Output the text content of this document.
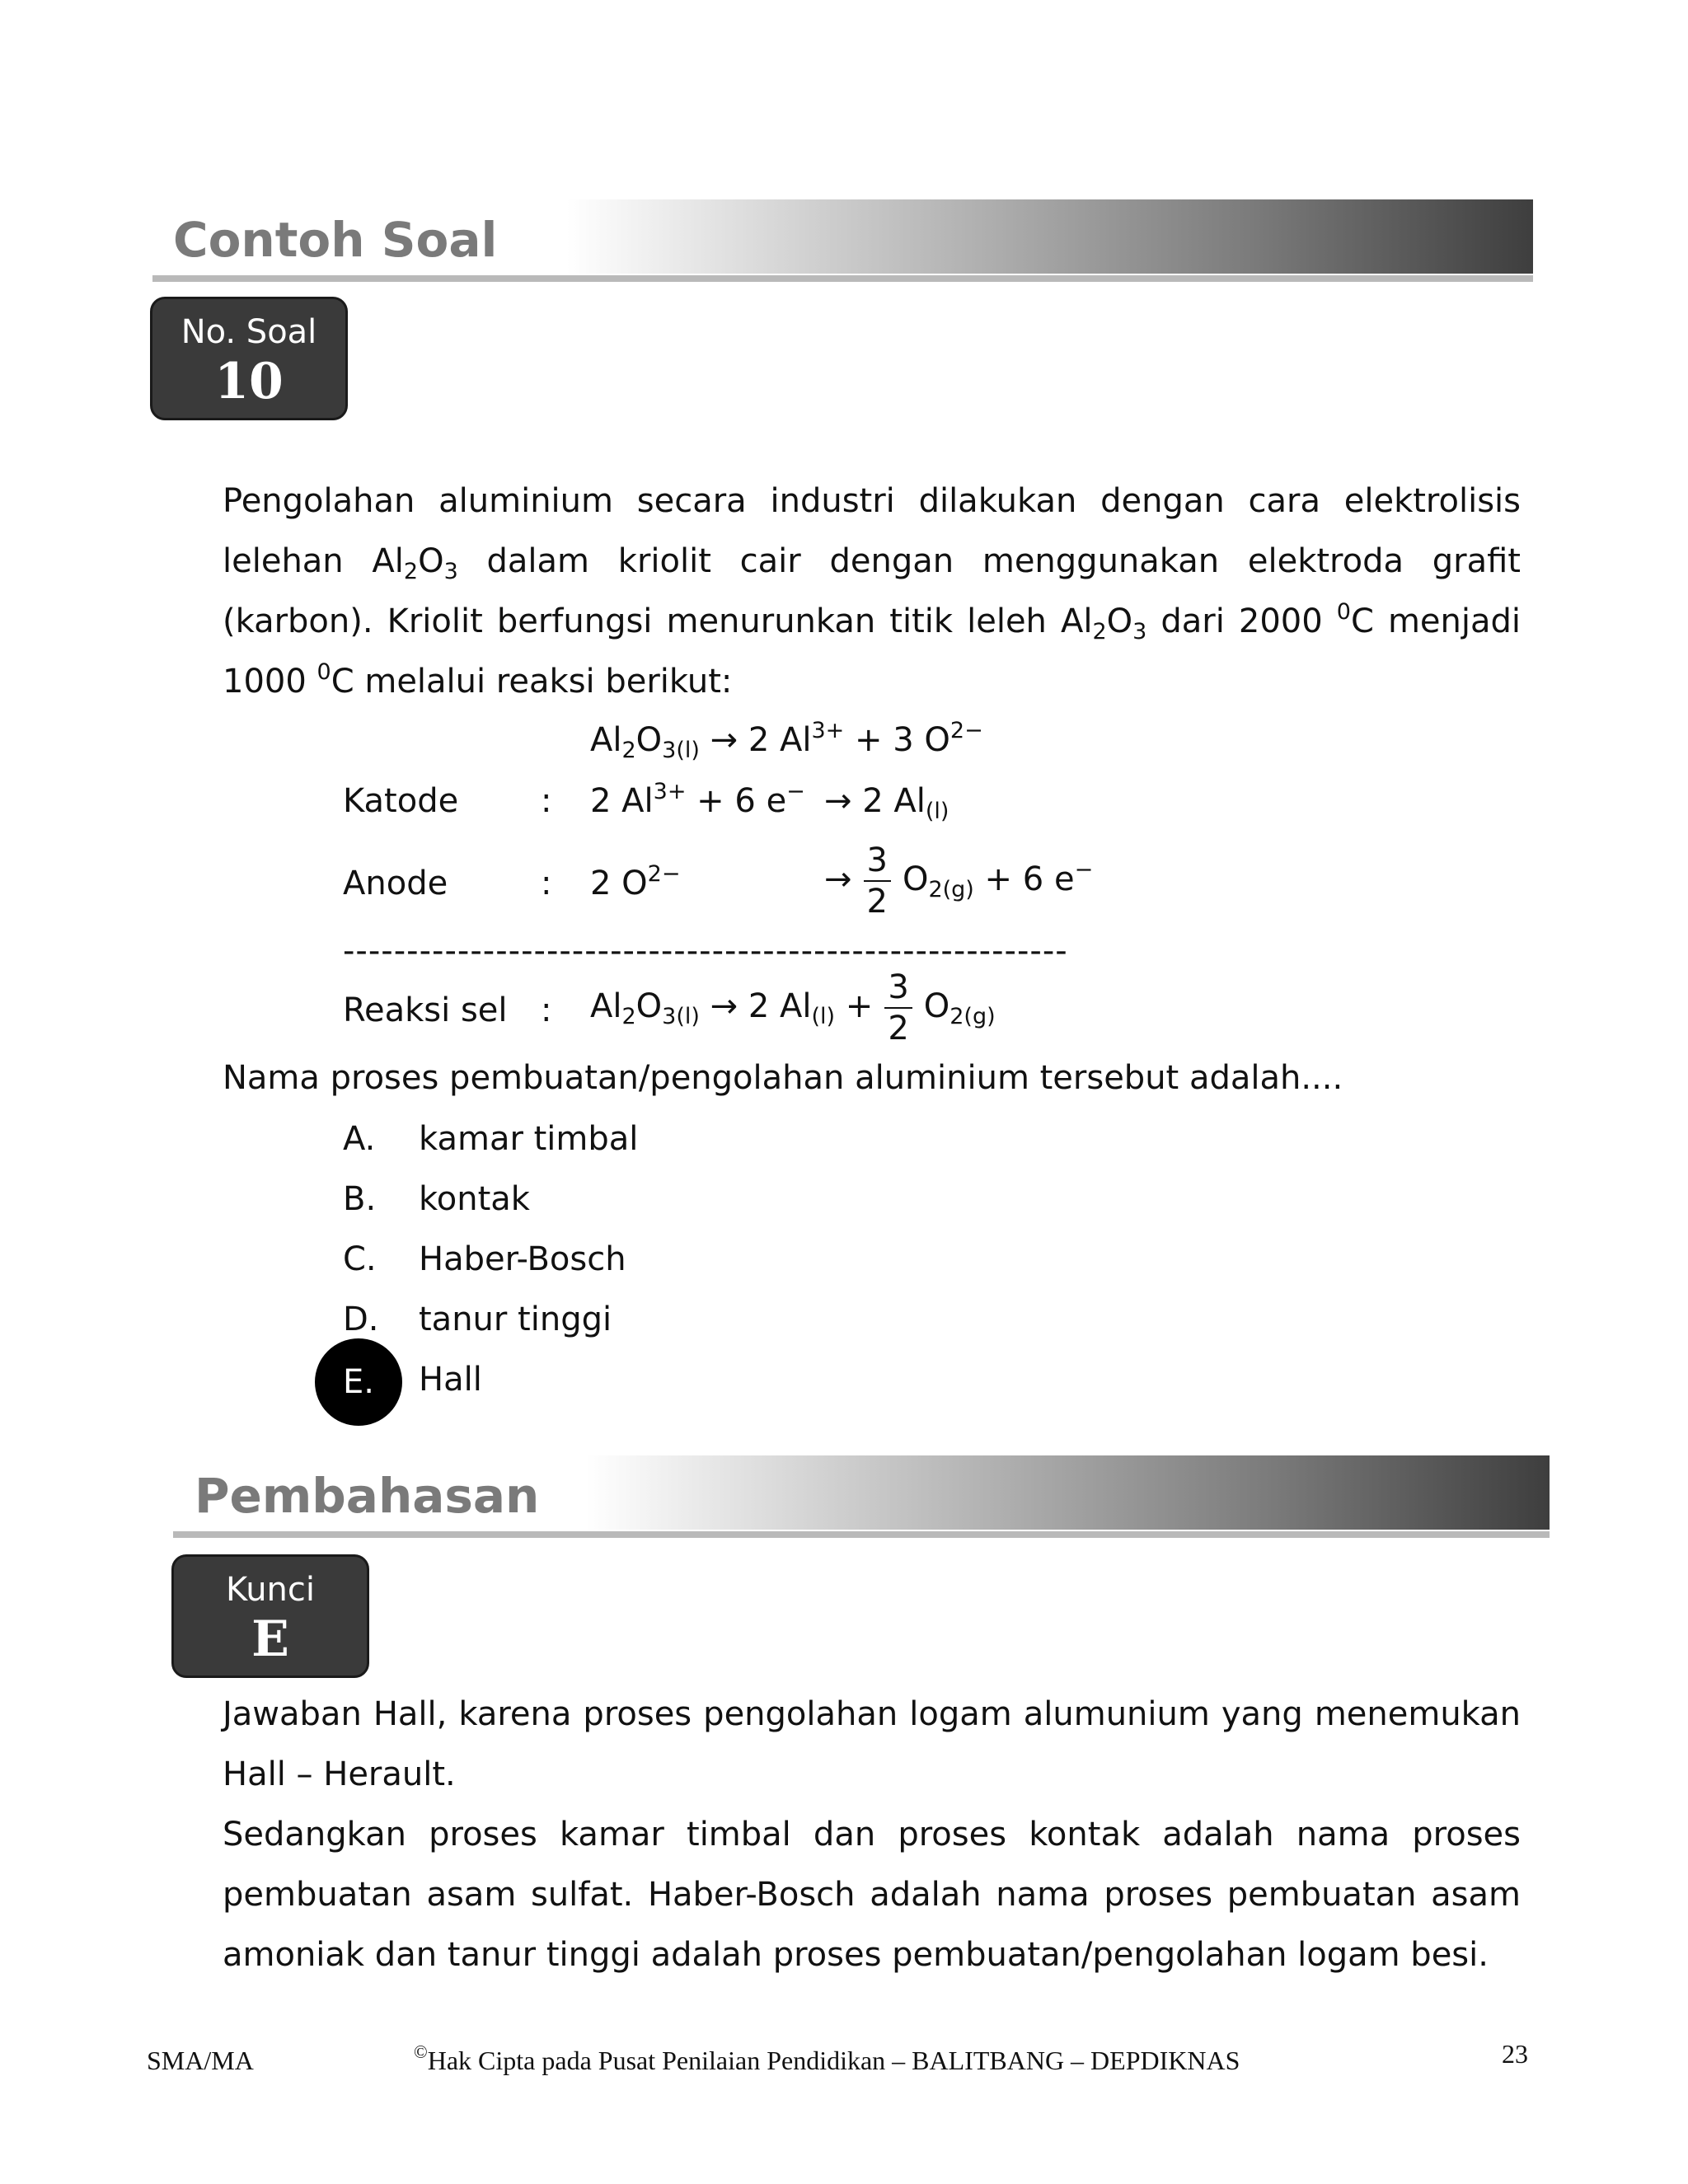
Contoh Soal
No. Soal
10
Pengolahan aluminium secara industri dilakukan dengan cara elektrolisis
lelehan $Al_2O_3$ dalam kriolit cair dengan menggunakan elektroda grafit
(karbon). Kriolit berfungsi menurunkan titik leleh $Al_2O_3$ dari 2000 $^0$C menjadi
1000 $^0$C melalui reaksi berikut:
$Al_2O_{3(l)} \to 2$ $Al^{3+} + 3$ $O^{2-}$
Katode : 2 $Al^{3+} + 6$ e− → 2 $Al_{(l)}$
Anode	: 2 $O^{2-}$	→ $\frac{3}{2} O_{2(g)} + 6$ e−
---------------------------------------------------------
Reaksi sel : $Al_2O_{3(l)} \to 2$ $Al_{(l)} + \frac{3}{2} O_{2(g)}$
Nama proses pembuatan/pengolahan aluminium tersebut adalah....
A. kamar timbal
B. kontak
C. Haber-Bosch
D. tanur tinggi
E. Hall
Pembahasan
Kunci
E
Jawaban Hall, karena proses pengolahan logam alumunium yang menemukan
Hall – Herault.
Sedangkan proses kamar timbal dan proses kontak adalah nama proses
pembuatan asam sulfat. Haber-Bosch adalah nama proses pembuatan asam
amoniak dan tanur tinggi adalah proses pembuatan/pengolahan logam besi.
SMA/MA	©Hak Cipta pada Pusat Penilaian Pendidikan – BALITBANG – DEPDIKNAS	23
